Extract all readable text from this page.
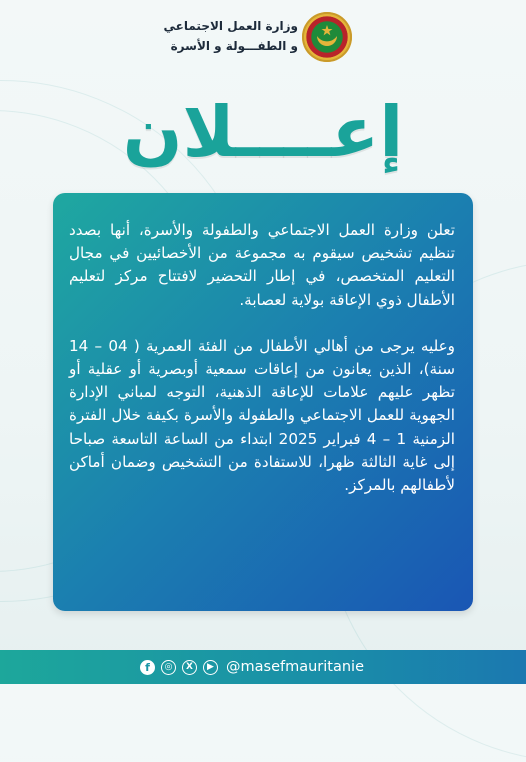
وزارة العمل الاجتماعي
و الطفـــولة و الأسرة
إعــــلان

تعلن وزارة العمل الاجتماعي والطفولة والأسرة، أنها بصدد تنظيم تشخيص سيقوم به مجموعة من الأخصائيين في مجال التعليم المتخصص، في إطار التحضير لافتتاح مركز لتعليم الأطفال ذوي الإعاقة بولاية لعصابة.

وعليه يرجى من أهالي الأطفال من الفئة العمرية ( 04 – 14 سنة)، الذين يعانون من إعاقات سمعية أوبصرية أو عقلية أو تظهر عليهم علامات للإعاقة الذهنية، التوجه لمباني الإدارة الجهوية للعمل الاجتماعي والطفولة والأسرة بكيفة خلال الفترة الزمنية 1 – 4 فبراير 2025 ابتداء من الساعة التاسعة صباحا إلى غاية الثالثة ظهرا، للاستفادة من التشخيص وضمان أماكن لأطفالهم بالمركز.

f	◎	X	▶ @masefmauritanie
